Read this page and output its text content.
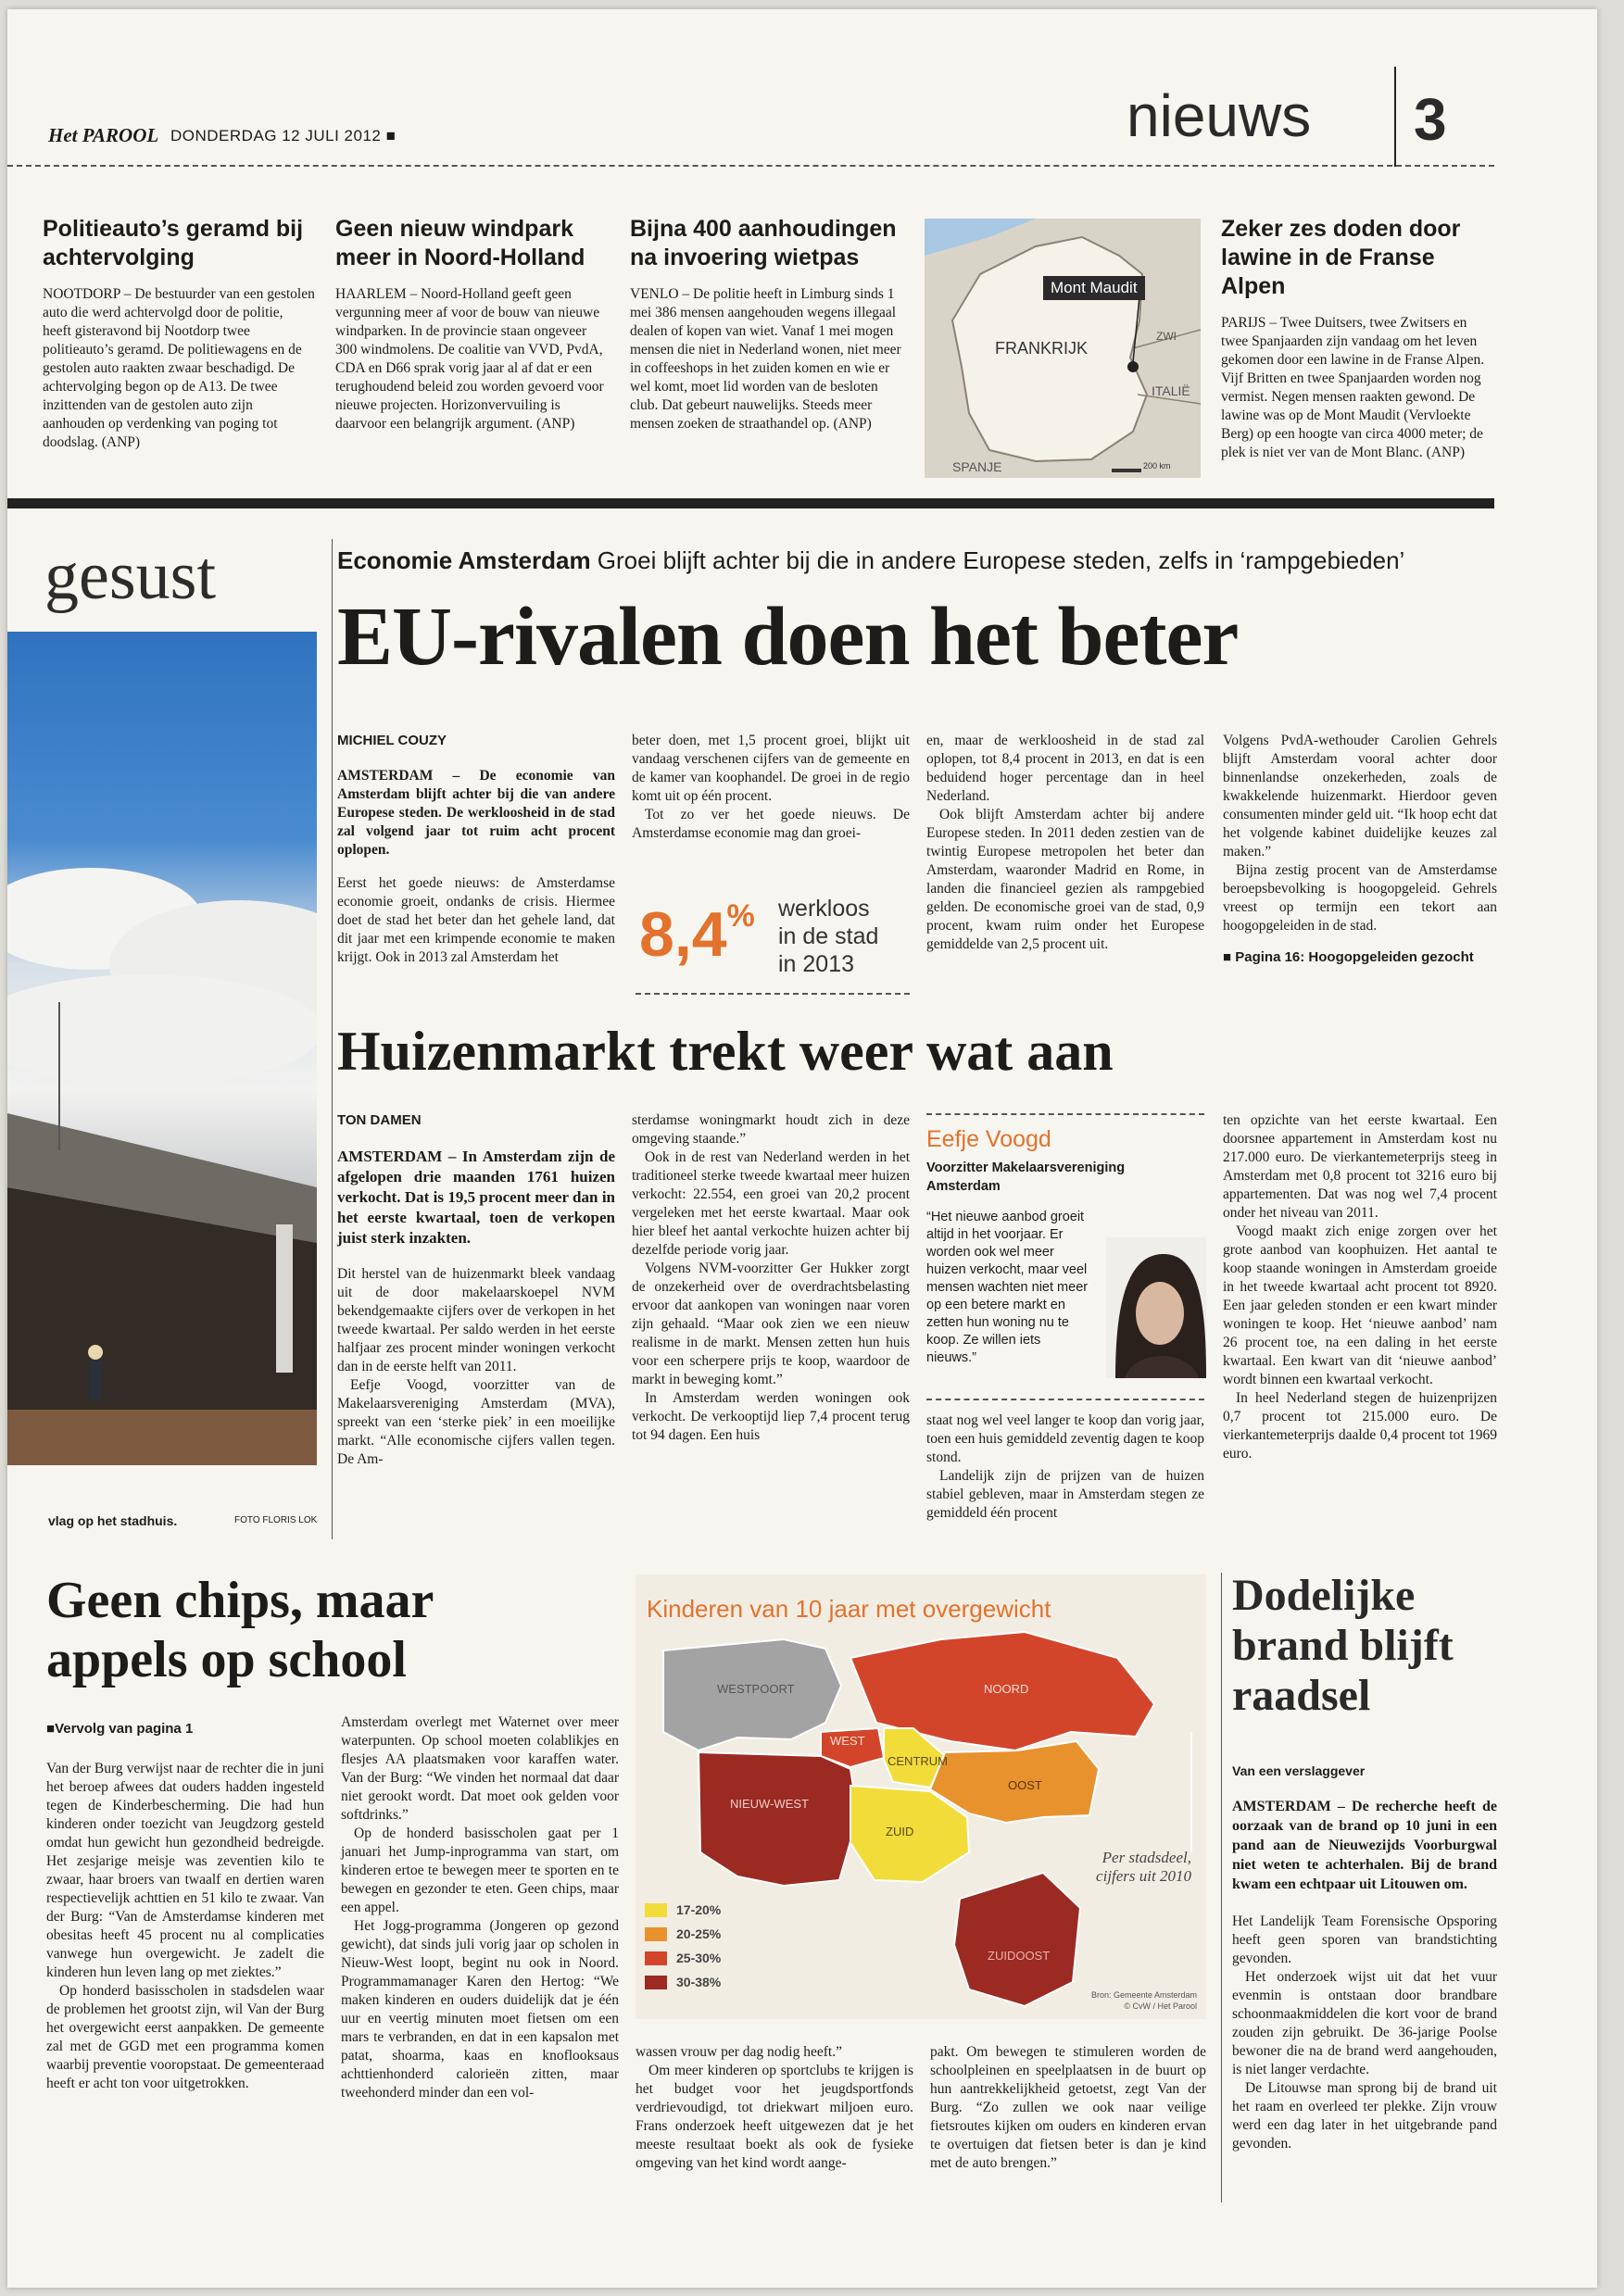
Het PAROOL DONDERDAG 12 JULI 2012 ■	nieuws 3
Politieauto’s geramd bij achtervolging

NOOTDORP – De bestuurder van een gestolen auto die werd achtervolgd door de politie, heeft gisteravond bij Nootdorp twee politieauto’s geramd. De politiewagens en de gestolen auto raakten zwaar beschadigd. De achtervolging begon op de A13. De twee inzittenden van de gestolen auto zijn aanhouden op verdenking van poging tot doodslag. (ANP)

Geen nieuw windpark meer in Noord-Holland

HAARLEM – Noord-Holland geeft geen vergunning meer af voor de bouw van nieuwe windparken. In de provincie staan ongeveer 300 windmolens. De coalitie van VVD, PvdA, CDA en D66 sprak vorig jaar al af dat er een terughoudend beleid zou worden gevoerd voor nieuwe projecten. Horizonvervuiling is daarvoor een belangrijk argument. (ANP)

Bijna 400 aanhoudingen na invoering wietpas

VENLO – De politie heeft in Limburg sinds 1 mei 386 mensen aangehouden wegens illegaal dealen of kopen van wiet. Vanaf 1 mei mogen mensen die niet in Nederland wonen, niet meer in coffeeshops in het zuiden komen en wie er wel komt, moet lid worden van de besloten club. Dat gebeurt nauwelijks. Steeds meer mensen zoeken de straathandel op. (ANP)

Mont Maudit
FRANKRIJK
ZWI
ITALIË
SPANJE	200 km
Zeker zes doden door lawine in de Franse Alpen

PARIJS – Twee Duitsers, twee Zwitsers en twee Spanjaarden zijn vandaag om het leven gekomen door een lawine in de Franse Alpen. Vijf Britten en twee Spanjaarden worden nog vermist. Negen mensen raakten gewond. De lawine was op de Mont Maudit (Vervloekte Berg) op een hoogte van circa 4000 meter; de plek is niet ver van de Mont Blanc. (ANP)

gesust
vlag op het stadhuis.	FOTO FLORIS LOK
Economie Amsterdam Groei blijft achter bij die in andere Europese steden, zelfs in ‘rampgebieden’
EU-rivalen doen het beter
MICHIEL COUZY

AMSTERDAM – De economie van Amsterdam blijft achter bij die van andere Europese steden. De werkloosheid in de stad zal volgend jaar tot ruim acht procent oplopen.

Eerst het goede nieuws: de Amsterdamse economie groeit, ondanks de crisis. Hiermee doet de stad het beter dan het gehele land, dat dit jaar met een krimpende economie te maken krijgt. Ook in 2013 zal Amsterdam het

beter doen, met 1,5 procent groei, blijkt uit vandaag verschenen cijfers van de gemeente en de kamer van koophandel. De groei in de regio komt uit op één procent.

Tot zo ver het goede nieuws. De Amsterdamse economie mag dan groei-

8,4% werkloos
in de stad
in 2013

en, maar de werkloosheid in de stad zal oplopen, tot 8,4 procent in 2013, en dat is een beduidend hoger percentage dan in heel Nederland.

Ook blijft Amsterdam achter bij andere Europese steden. In 2011 deden zestien van de twintig Europese metropolen het beter dan Amsterdam, waaronder Madrid en Rome, in landen die financieel gezien als rampgebied gelden. De economische groei van de stad, 0,9 procent, kwam ruim onder het Europese gemiddelde van 2,5 procent uit.

Volgens PvdA-wethouder Carolien Gehrels blijft Amsterdam vooral achter door binnenlandse onzekerheden, zoals de kwakkelende huizenmarkt. Hierdoor geven consumenten minder geld uit. “Ik hoop echt dat het volgende kabinet duidelijke keuzes zal maken.”

Bijna zestig procent van de Amsterdamse beroepsbevolking is hoogopgeleid. Gehrels vreest op termijn een tekort aan hoogopgeleiden in de stad.

■ Pagina 16: Hoogopgeleiden gezocht
Huizenmarkt trekt weer wat aan
TON DAMEN

AMSTERDAM – In Amsterdam zijn de afgelopen drie maanden 1761 huizen verkocht. Dat is 19,5 procent meer dan in het eerste kwartaal, toen de verkopen juist sterk inzakten.

Dit herstel van de huizenmarkt bleek vandaag uit de door makelaarskoepel NVM bekendgemaakte cijfers over de verkopen in het tweede kwartaal. Per saldo werden in het eerste halfjaar zes procent minder woningen verkocht dan in de eerste helft van 2011.

Eefje Voogd, voorzitter van de Makelaarsvereniging Amsterdam (MVA), spreekt van een ‘sterke piek’ in een moeilijke markt. “Alle economische cijfers vallen tegen. De Am-

sterdamse woningmarkt houdt zich in deze omgeving staande.”

Ook in de rest van Nederland werden in het traditioneel sterke tweede kwartaal meer huizen verkocht: 22.554, een groei van 20,2 procent vergeleken met het eerste kwartaal. Maar ook hier bleef het aantal verkochte huizen achter bij dezelfde periode vorig jaar.

Volgens NVM-voorzitter Ger Hukker zorgt de onzekerheid over de overdrachtsbelasting ervoor dat aankopen van woningen naar voren zijn gehaald. “Maar ook zien we een nieuw realisme in de markt. Mensen zetten hun huis voor een scherpere prijs te koop, waardoor de markt in beweging komt.”

In Amsterdam werden woningen ook verkocht. De verkooptijd liep 7,4 procent terug tot 94 dagen. Een huis

Eefje Voogd
Voorzitter Makelaarsvereniging Amsterdam
“Het nieuwe aanbod groeit altijd in het voorjaar. Er worden ook wel meer huizen verkocht, maar veel mensen wachten niet meer op een betere markt en zetten hun woning nu te koop. Ze willen iets nieuws.”

staat nog wel veel langer te koop dan vorig jaar, toen een huis gemiddeld zeventig dagen te koop stond.

Landelijk zijn de prijzen van de huizen stabiel gebleven, maar in Amsterdam stegen ze gemiddeld één procent

ten opzichte van het eerste kwartaal. Een doorsnee appartement in Amsterdam kost nu 217.000 euro. De vierkantemeterprijs steeg in Amsterdam met 0,8 procent tot 3216 euro bij appartementen. Dat was nog wel 7,4 procent onder het niveau van 2011.

Voogd maakt zich enige zorgen over het grote aanbod van koophuizen. Het aantal te koop staande woningen in Amsterdam groeide in het tweede kwartaal acht procent tot 8920. Een jaar geleden stonden er een kwart minder woningen te koop. Het ‘nieuwe aanbod’ nam 26 procent toe, na een daling in het eerste kwartaal. Een kwart van dit ‘nieuwe aanbod’ wordt binnen een kwartaal verkocht.

In heel Nederland stegen de huizenprijzen 0,7 procent tot 215.000 euro. De vierkantemeterprijs daalde 0,4 procent tot 1969 euro.

Geen chips, maar
appels op school
■Vervolg van pagina 1

Van der Burg verwijst naar de rechter die in juni het beroep afwees dat ouders hadden ingesteld tegen de Kinderbescherming. Die had hun kinderen onder toezicht van Jeugdzorg gesteld omdat hun gewicht hun gezondheid bedreigde. Het zesjarige meisje was zeventien kilo te zwaar, haar broers van twaalf en dertien waren respectievelijk achttien en 51 kilo te zwaar. Van der Burg: “Van de Amsterdamse kinderen met obesitas heeft 45 procent nu al complicaties vanwege hun overgewicht. Je zadelt die kinderen hun leven lang op met ziektes.”

Op honderd basisscholen in stadsdelen waar de problemen het grootst zijn, wil Van der Burg het overgewicht eerst aanpakken. De gemeente zal met de GGD met een programma komen waarbij preventie vooropstaat. De gemeenteraad heeft er acht ton voor uitgetrokken.

Amsterdam overlegt met Waternet over meer waterpunten. Op school moeten colablikjes en flesjes AA plaatsmaken voor karaffen water. Van der Burg: “We vinden het normaal dat daar niet gerookt wordt. Dat moet ook gelden voor softdrinks.”

Op de honderd basisscholen gaat per 1 januari het Jump-inprogramma van start, om kinderen ertoe te bewegen meer te sporten en te bewegen en gezonder te eten. Geen chips, maar een appel.

Het Jogg-programma (Jongeren op gezond gewicht), dat sinds juli vorig jaar op scholen in Nieuw-West loopt, begint nu ook in Noord. Programmamanager Karen den Hertog: “We maken kinderen en ouders duidelijk dat je één uur en veertig minuten moet fietsen om een mars te verbranden, en dat in een kapsalon met patat, shoarma, kaas en knoflooksaus achttienhonderd calorieën zitten, maar tweehonderd minder dan een vol-

Kinderen van 10 jaar met overgewicht
WESTPOORT	NOORD
WEST
CENTRUM
NIEUW-WEST
OOST
ZUID
ZUIDOOST
Per stadsdeel,
cijfers uit 2010
17-20%
20-25%
25-30%
30-38%
Bron: Gemeente Amsterdam
© CvW / Het Parool

wassen vrouw per dag nodig heeft.”

Om meer kinderen op sportclubs te krijgen is het budget voor het jeugdsportfonds verdrievoudigd, tot driekwart miljoen euro. Frans onderzoek heeft uitgewezen dat je het meeste resultaat boekt als ook de fysieke omgeving van het kind wordt aange-

pakt. Om bewegen te stimuleren worden de schoolpleinen en speelplaatsen in de buurt op hun aantrekkelijkheid getoetst, zegt Van der Burg. “Zo zullen we ook naar veilige fietsroutes kijken om ouders en kinderen ervan te overtuigen dat fietsen beter is dan je kind met de auto brengen.”

Dodelijke
brand blijft
raadsel
Van een verslaggever

AMSTERDAM – De recherche heeft de oorzaak van de brand op 10 juni in een pand aan de Nieuwezijds Voorburgwal niet weten te achterhalen. Bij de brand kwam een echtpaar uit Litouwen om.

Het Landelijk Team Forensische Opsporing heeft geen sporen van brandstichting gevonden.

Het onderzoek wijst uit dat het vuur evenmin is ontstaan door brandbare schoonmaakmiddelen die kort voor de brand zouden zijn gebruikt. De 36-jarige Poolse bewoner die na de brand werd aangehouden, is niet langer verdachte.

De Litouwse man sprong bij de brand uit het raam en overleed ter plekke. Zijn vrouw werd een dag later in het uitgebrande pand gevonden.
